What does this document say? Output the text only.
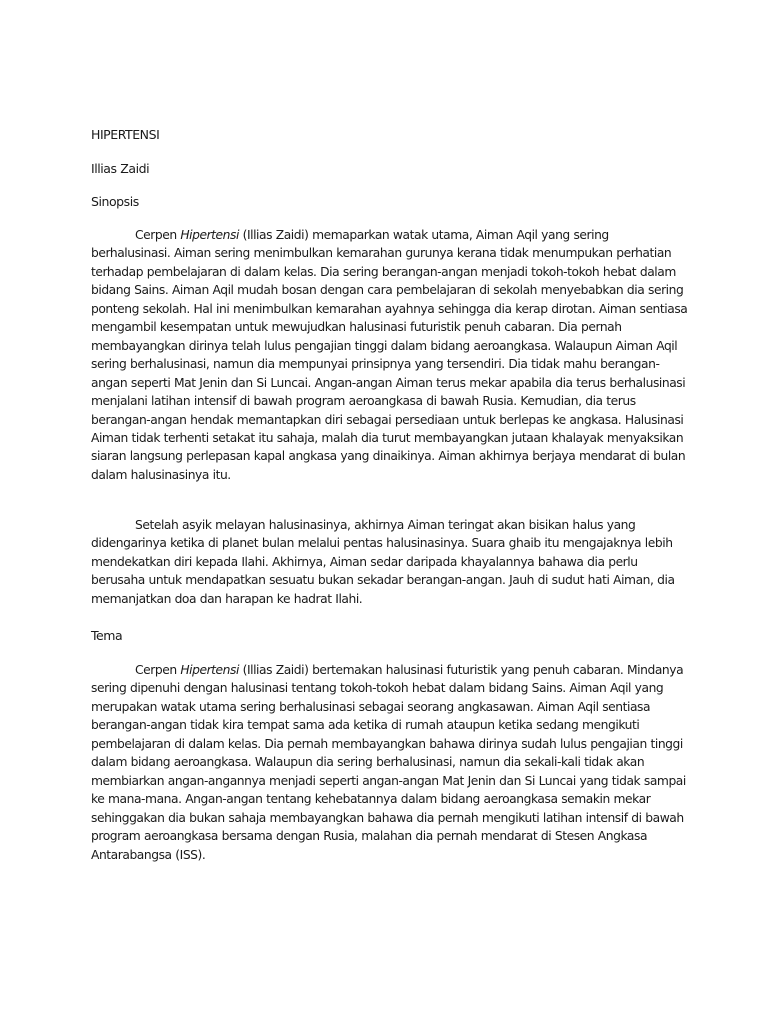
HIPERTENSI

Illias Zaidi

Sinopsis

Cerpen Hipertensi (Illias Zaidi) memaparkan watak utama, Aiman Aqil yang sering berhalusinasi. Aiman sering menimbulkan kemarahan gurunya kerana tidak menumpukan perhatian terhadap pembelajaran di dalam kelas. Dia sering berangan-angan menjadi tokoh-tokoh hebat dalam bidang Sains. Aiman Aqil mudah bosan dengan cara pembelajaran di sekolah menyebabkan dia sering ponteng sekolah. Hal ini menimbulkan kemarahan ayahnya sehingga dia kerap dirotan. Aiman sentiasa mengambil kesempatan untuk mewujudkan halusinasi futuristik penuh cabaran. Dia pernah membayangkan dirinya telah lulus pengajian tinggi dalam bidang aeroangkasa. Walaupun Aiman Aqil sering berhalusinasi, namun dia mempunyai prinsipnya yang tersendiri. Dia tidak mahu berangan-angan seperti Mat Jenin dan Si Luncai. Angan-angan Aiman terus mekar apabila dia terus berhalusinasi menjalani latihan intensif di bawah program aeroangkasa di bawah Rusia. Kemudian, dia terus berangan-angan hendak memantapkan diri sebagai persediaan untuk berlepas ke angkasa. Halusinasi Aiman tidak terhenti setakat itu sahaja, malah dia turut membayangkan jutaan khalayak menyaksikan siaran langsung perlepasan kapal angkasa yang dinaikinya. Aiman akhirnya berjaya mendarat di bulan dalam halusinasinya itu.

Setelah asyik melayan halusinasinya, akhirnya Aiman teringat akan bisikan halus yang didengarinya ketika di planet bulan melalui pentas halusinasinya. Suara ghaib itu mengajaknya lebih mendekatkan diri kepada Ilahi. Akhirnya, Aiman sedar daripada khayalannya bahawa dia perlu berusaha untuk mendapatkan sesuatu bukan sekadar berangan-angan. Jauh di sudut hati Aiman, dia memanjatkan doa dan harapan ke hadrat Ilahi.

Tema

Cerpen Hipertensi (Illias Zaidi) bertemakan halusinasi futuristik yang penuh cabaran. Mindanya sering dipenuhi dengan halusinasi tentang tokoh-tokoh hebat dalam bidang Sains. Aiman Aqil yang merupakan watak utama sering berhalusinasi sebagai seorang angkasawan. Aiman Aqil sentiasa berangan-angan tidak kira tempat sama ada ketika di rumah ataupun ketika sedang mengikuti pembelajaran di dalam kelas. Dia pernah membayangkan bahawa dirinya sudah lulus pengajian tinggi dalam bidang aeroangkasa. Walaupun dia sering berhalusinasi, namun dia sekali-kali tidak akan membiarkan angan-angannya menjadi seperti angan-angan Mat Jenin dan Si Luncai yang tidak sampai ke mana-mana. Angan-angan tentang kehebatannya dalam bidang aeroangkasa semakin mekar sehinggakan dia bukan sahaja membayangkan bahawa dia pernah mengikuti latihan intensif di bawah program aeroangkasa bersama dengan Rusia, malahan dia pernah mendarat di Stesen Angkasa Antarabangsa (ISS).
